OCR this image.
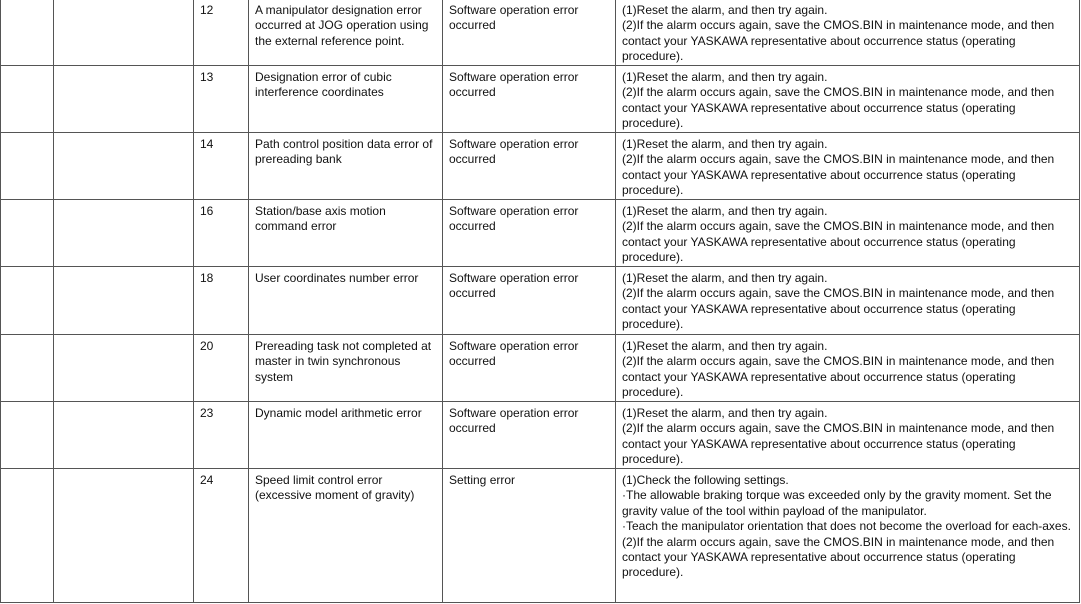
		12	A manipulator designation error occurred at JOG operation using the external reference point.	Software operation error occurred	(1)Reset the alarm, and then try again.
(2)If the alarm occurs again, save the CMOS.BIN in maintenance mode, and then contact your YASKAWA representative about occurrence status (operating procedure).

		13	Designation error of cubic interference coordinates	Software operation error occurred	(1)Reset the alarm, and then try again.
(2)If the alarm occurs again, save the CMOS.BIN in maintenance mode, and then contact your YASKAWA representative about occurrence status (operating procedure).

		14	Path control position data error of prereading bank	Software operation error occurred	(1)Reset the alarm, and then try again.
(2)If the alarm occurs again, save the CMOS.BIN in maintenance mode, and then contact your YASKAWA representative about occurrence status (operating procedure).

		16	Station/base axis motion command error	Software operation error occurred	(1)Reset the alarm, and then try again.
(2)If the alarm occurs again, save the CMOS.BIN in maintenance mode, and then contact your YASKAWA representative about occurrence status (operating procedure).

		18	User coordinates number error	Software operation error occurred	(1)Reset the alarm, and then try again.
(2)If the alarm occurs again, save the CMOS.BIN in maintenance mode, and then contact your YASKAWA representative about occurrence status (operating procedure).

		20	Prereading task not completed at master in twin synchronous system	Software operation error occurred	(1)Reset the alarm, and then try again.
(2)If the alarm occurs again, save the CMOS.BIN in maintenance mode, and then contact your YASKAWA representative about occurrence status (operating procedure).

		23	Dynamic model arithmetic error	Software operation error occurred	(1)Reset the alarm, and then try again.
(2)If the alarm occurs again, save the CMOS.BIN in maintenance mode, and then contact your YASKAWA representative about occurrence status (operating procedure).

		24	Speed limit control error (excessive moment of gravity)	Setting error	(1)Check the following settings.
·The allowable braking torque was exceeded only by the gravity moment. Set the gravity value of the tool within payload of the manipulator.
·Teach the manipulator orientation that does not become the overload for each-axes.
(2)If the alarm occurs again, save the CMOS.BIN in maintenance mode, and then contact your YASKAWA representative about occurrence status (operating procedure).
